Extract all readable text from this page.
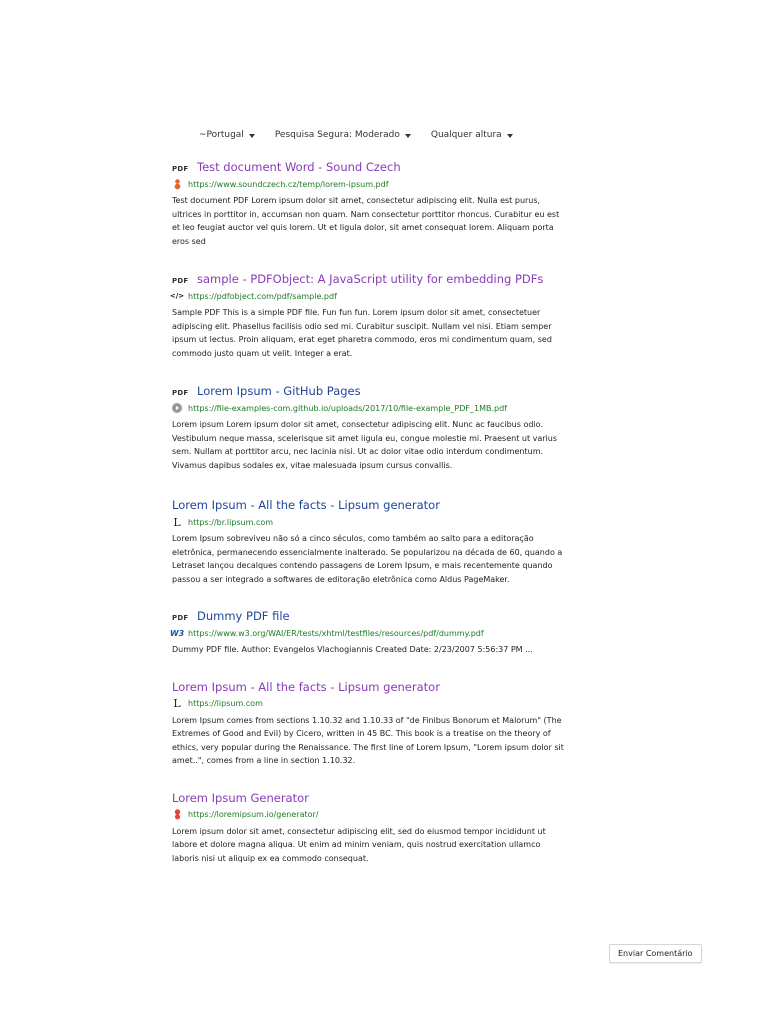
~Portugal	Pesquisa Segura: Moderado	Qualquer altura
PDF Test document Word - Sound Czech
https://www.soundczech.cz/temp/lorem-ipsum.pdf
Test document PDF Lorem ipsum dolor sit amet, consectetur adipiscing elit. Nulla est purus, ultrices in porttitor in, accumsan non quam. Nam consectetur porttitor rhoncus. Curabitur eu est et leo feugiat auctor vel quis lorem. Ut et ligula dolor, sit amet consequat lorem. Aliquam porta eros sed
PDF sample - PDFObject: A JavaScript utility for embedding PDFs
</> https://pdfobject.com/pdf/sample.pdf
Sample PDF This is a simple PDF file. Fun fun fun. Lorem ipsum dolor sit amet, consectetuer adipiscing elit. Phasellus facilisis odio sed mi. Curabitur suscipit. Nullam vel nisi. Etiam semper ipsum ut lectus. Proin aliquam, erat eget pharetra commodo, eros mi condimentum quam, sed commodo justo quam ut velit. Integer a erat.
PDF Lorem Ipsum - GitHub Pages
https://file-examples-com.github.io/uploads/2017/10/file-example_PDF_1MB.pdf
Lorem ipsum Lorem ipsum dolor sit amet, consectetur adipiscing elit. Nunc ac faucibus odio. Vestibulum neque massa, scelerisque sit amet ligula eu, congue molestie mi. Praesent ut varius sem. Nullam at porttitor arcu, nec lacinia nisi. Ut ac dolor vitae odio interdum condimentum. Vivamus dapibus sodales ex, vitae malesuada ipsum cursus convallis.
Lorem Ipsum - All the facts - Lipsum generator
L https://br.lipsum.com
Lorem Ipsum sobreviveu não só a cinco séculos, como também ao salto para a editoração eletrônica, permanecendo essencialmente inalterado. Se popularizou na década de 60, quando a Letraset lançou decalques contendo passagens de Lorem Ipsum, e mais recentemente quando passou a ser integrado a softwares de editoração eletrônica como Aldus PageMaker.
PDF Dummy PDF file
W3 https://www.w3.org/WAI/ER/tests/xhtml/testfiles/resources/pdf/dummy.pdf
Dummy PDF file. Author: Evangelos Vlachogiannis Created Date: 2/23/2007 5:56:37 PM ...
Lorem Ipsum - All the facts - Lipsum generator
L https://lipsum.com
Lorem Ipsum comes from sections 1.10.32 and 1.10.33 of "de Finibus Bonorum et Malorum" (The Extremes of Good and Evil) by Cicero, written in 45 BC. This book is a treatise on the theory of ethics, very popular during the Renaissance. The first line of Lorem Ipsum, "Lorem ipsum dolor sit amet..", comes from a line in section 1.10.32.
Lorem Ipsum Generator
https://loremipsum.io/generator/
Lorem ipsum dolor sit amet, consectetur adipiscing elit, sed do eiusmod tempor incididunt ut labore et dolore magna aliqua. Ut enim ad minim veniam, quis nostrud exercitation ullamco laboris nisi ut aliquip ex ea commodo consequat.
Enviar Comentário
